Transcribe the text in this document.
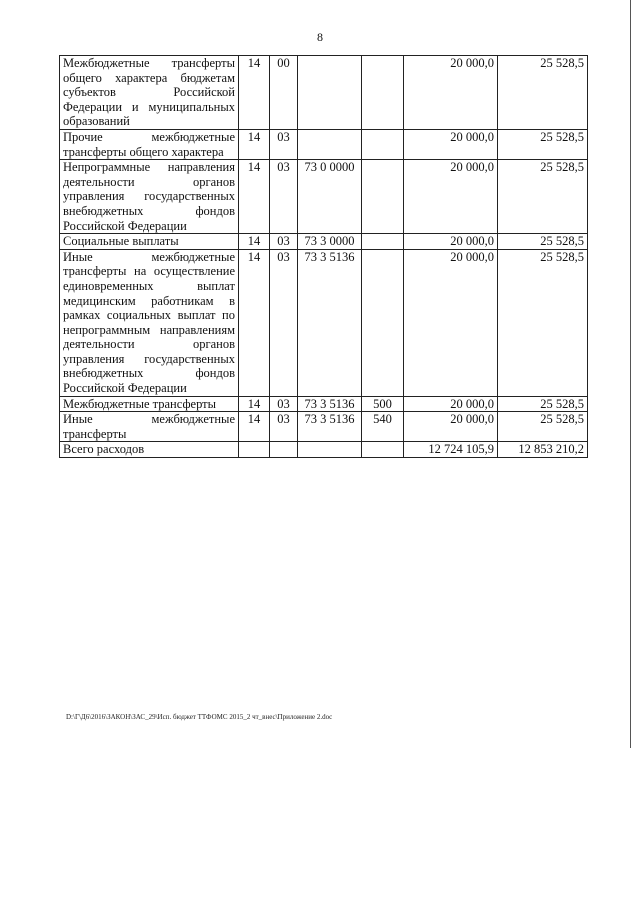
8
Межбюджетные трансферты общего характера бюджетам субъектов Российской Федерации и муниципальных образований	14	00			20 000,0	25 528,5
Прочие межбюджетные трансферты общего характера	14	03			20 000,0	25 528,5
Непрограммные направления деятельности органов управления государственных внебюджетных фондов Российской Федерации	14	03	73 0 0000		20 000,0	25 528,5
Социальные выплаты	14	03	73 3 0000		20 000,0	25 528,5
Иные межбюджетные трансферты на осуществление единовременных выплат медицинским работникам в рамках социальных выплат по непрограммным направлениям деятельности органов управления государственных внебюджетных фондов Российской Федерации	14	03	73 3 5136		20 000,0	25 528,5
Межбюджетные трансферты	14	03	73 3 5136	500	20 000,0	25 528,5
Иные межбюджетные трансферты	14	03	73 3 5136	540	20 000,0	25 528,5
Всего расходов					12 724 105,9	12 853 210,2
D:\Г\Д6\2016\ЗАКОН\ЗАС_29\Исп. бюджет ТТФОМС 2015_2 чт_внес\Приложение 2.doc
